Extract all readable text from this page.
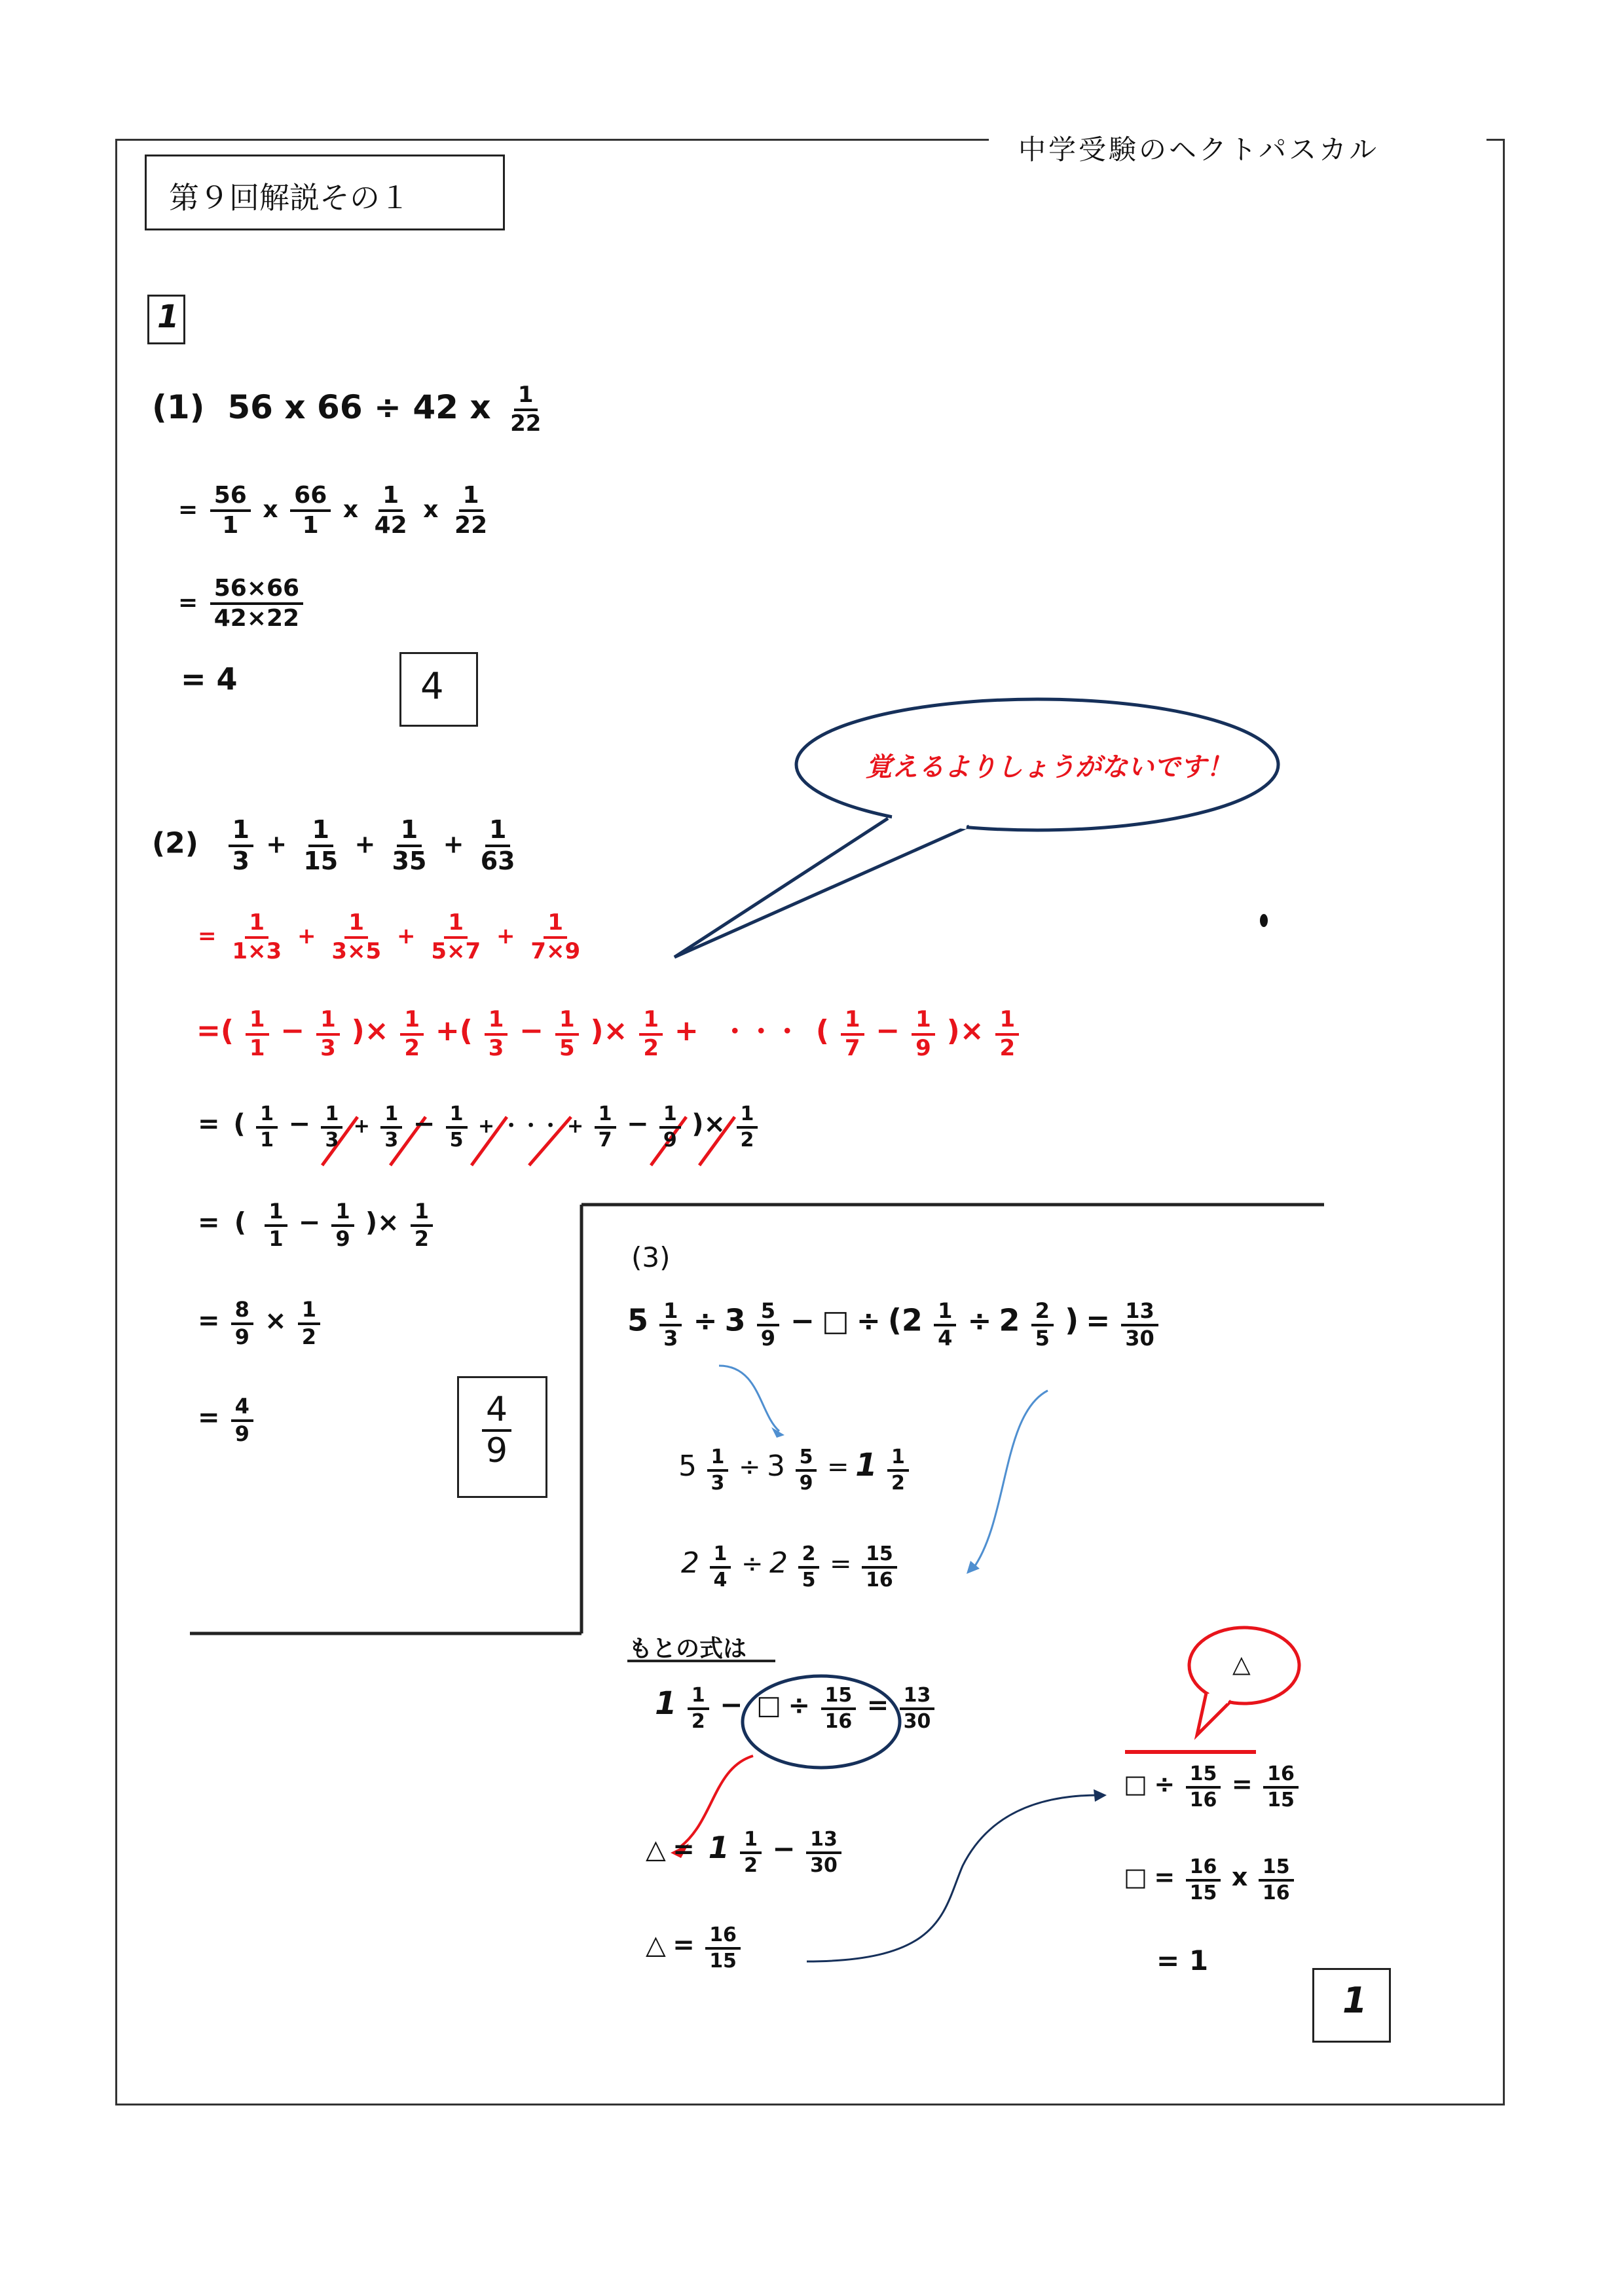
中学受験のヘクトパスカル
第９回解説その１
1
(1) 56 x 66 ÷ 42 x $\frac{1}{22}$
= $\frac{56}{1}$ x $\frac{66}{1}$ x $\frac{1}{42}$ x $\frac{1}{22}$
= $\frac{56\times 66}{42\times 22}$
= 4	4
覚えるよりしょうがないです！
$(2) \frac{1}{3} + \frac{1}{15} + \frac{1}{35} + \frac{1}{63}$
= $\frac{1}{1\times 3} + \frac{1}{3\times 5} + \frac{1}{5\times 7} + \frac{1}{7\times 9}$
=( $\frac{1}{1} - \frac{1}{3}$ )× $\frac{1}{2}$ +( $\frac{1}{3} - \frac{1}{5}$ )× $\frac{1}{2}$ + ・・・ ( $\frac{1}{7} - \frac{1}{9}$ )× $\frac{1}{2}$
= ( $\frac{1}{1} - \frac{1}{3} + \frac{1}{3} - \frac{1}{5}$ + ・・・ + $\frac{1}{7} - \frac{1}{9}$ )× $\frac{1}{2}$
= ( $\frac{1}{1} - \frac{1}{9}$ )× $\frac{1}{2}$
= $\frac{8}{9} \times \frac{1}{2}$
= $\frac{4}{9}$	$\frac{4}{9}$
(3)
$5 \frac{1}{3} \div 3 \frac{5}{9}$ − □ ÷ ($2 \frac{1}{4} \div 2 \frac{2}{5}$ ) = $\frac{13}{30}$
$5 \frac{1}{3} \div 3 \frac{5}{9} = 1 \frac{1}{2}$
$2 \frac{1}{4} \div 2 \frac{2}{5} = \frac{15}{16}$
もとの式は
$1 \frac{1}{2}$ − □ ÷ $\frac{15}{16} = \frac{13}{30}$
△ = $1 \frac{1}{2} - \frac{13}{30}$
△ = $\frac{16}{15}$
△
□ ÷ $\frac{15}{16} = \frac{16}{15}$
□ = $\frac{16}{15}$ x $\frac{15}{16}$
= 1
1
